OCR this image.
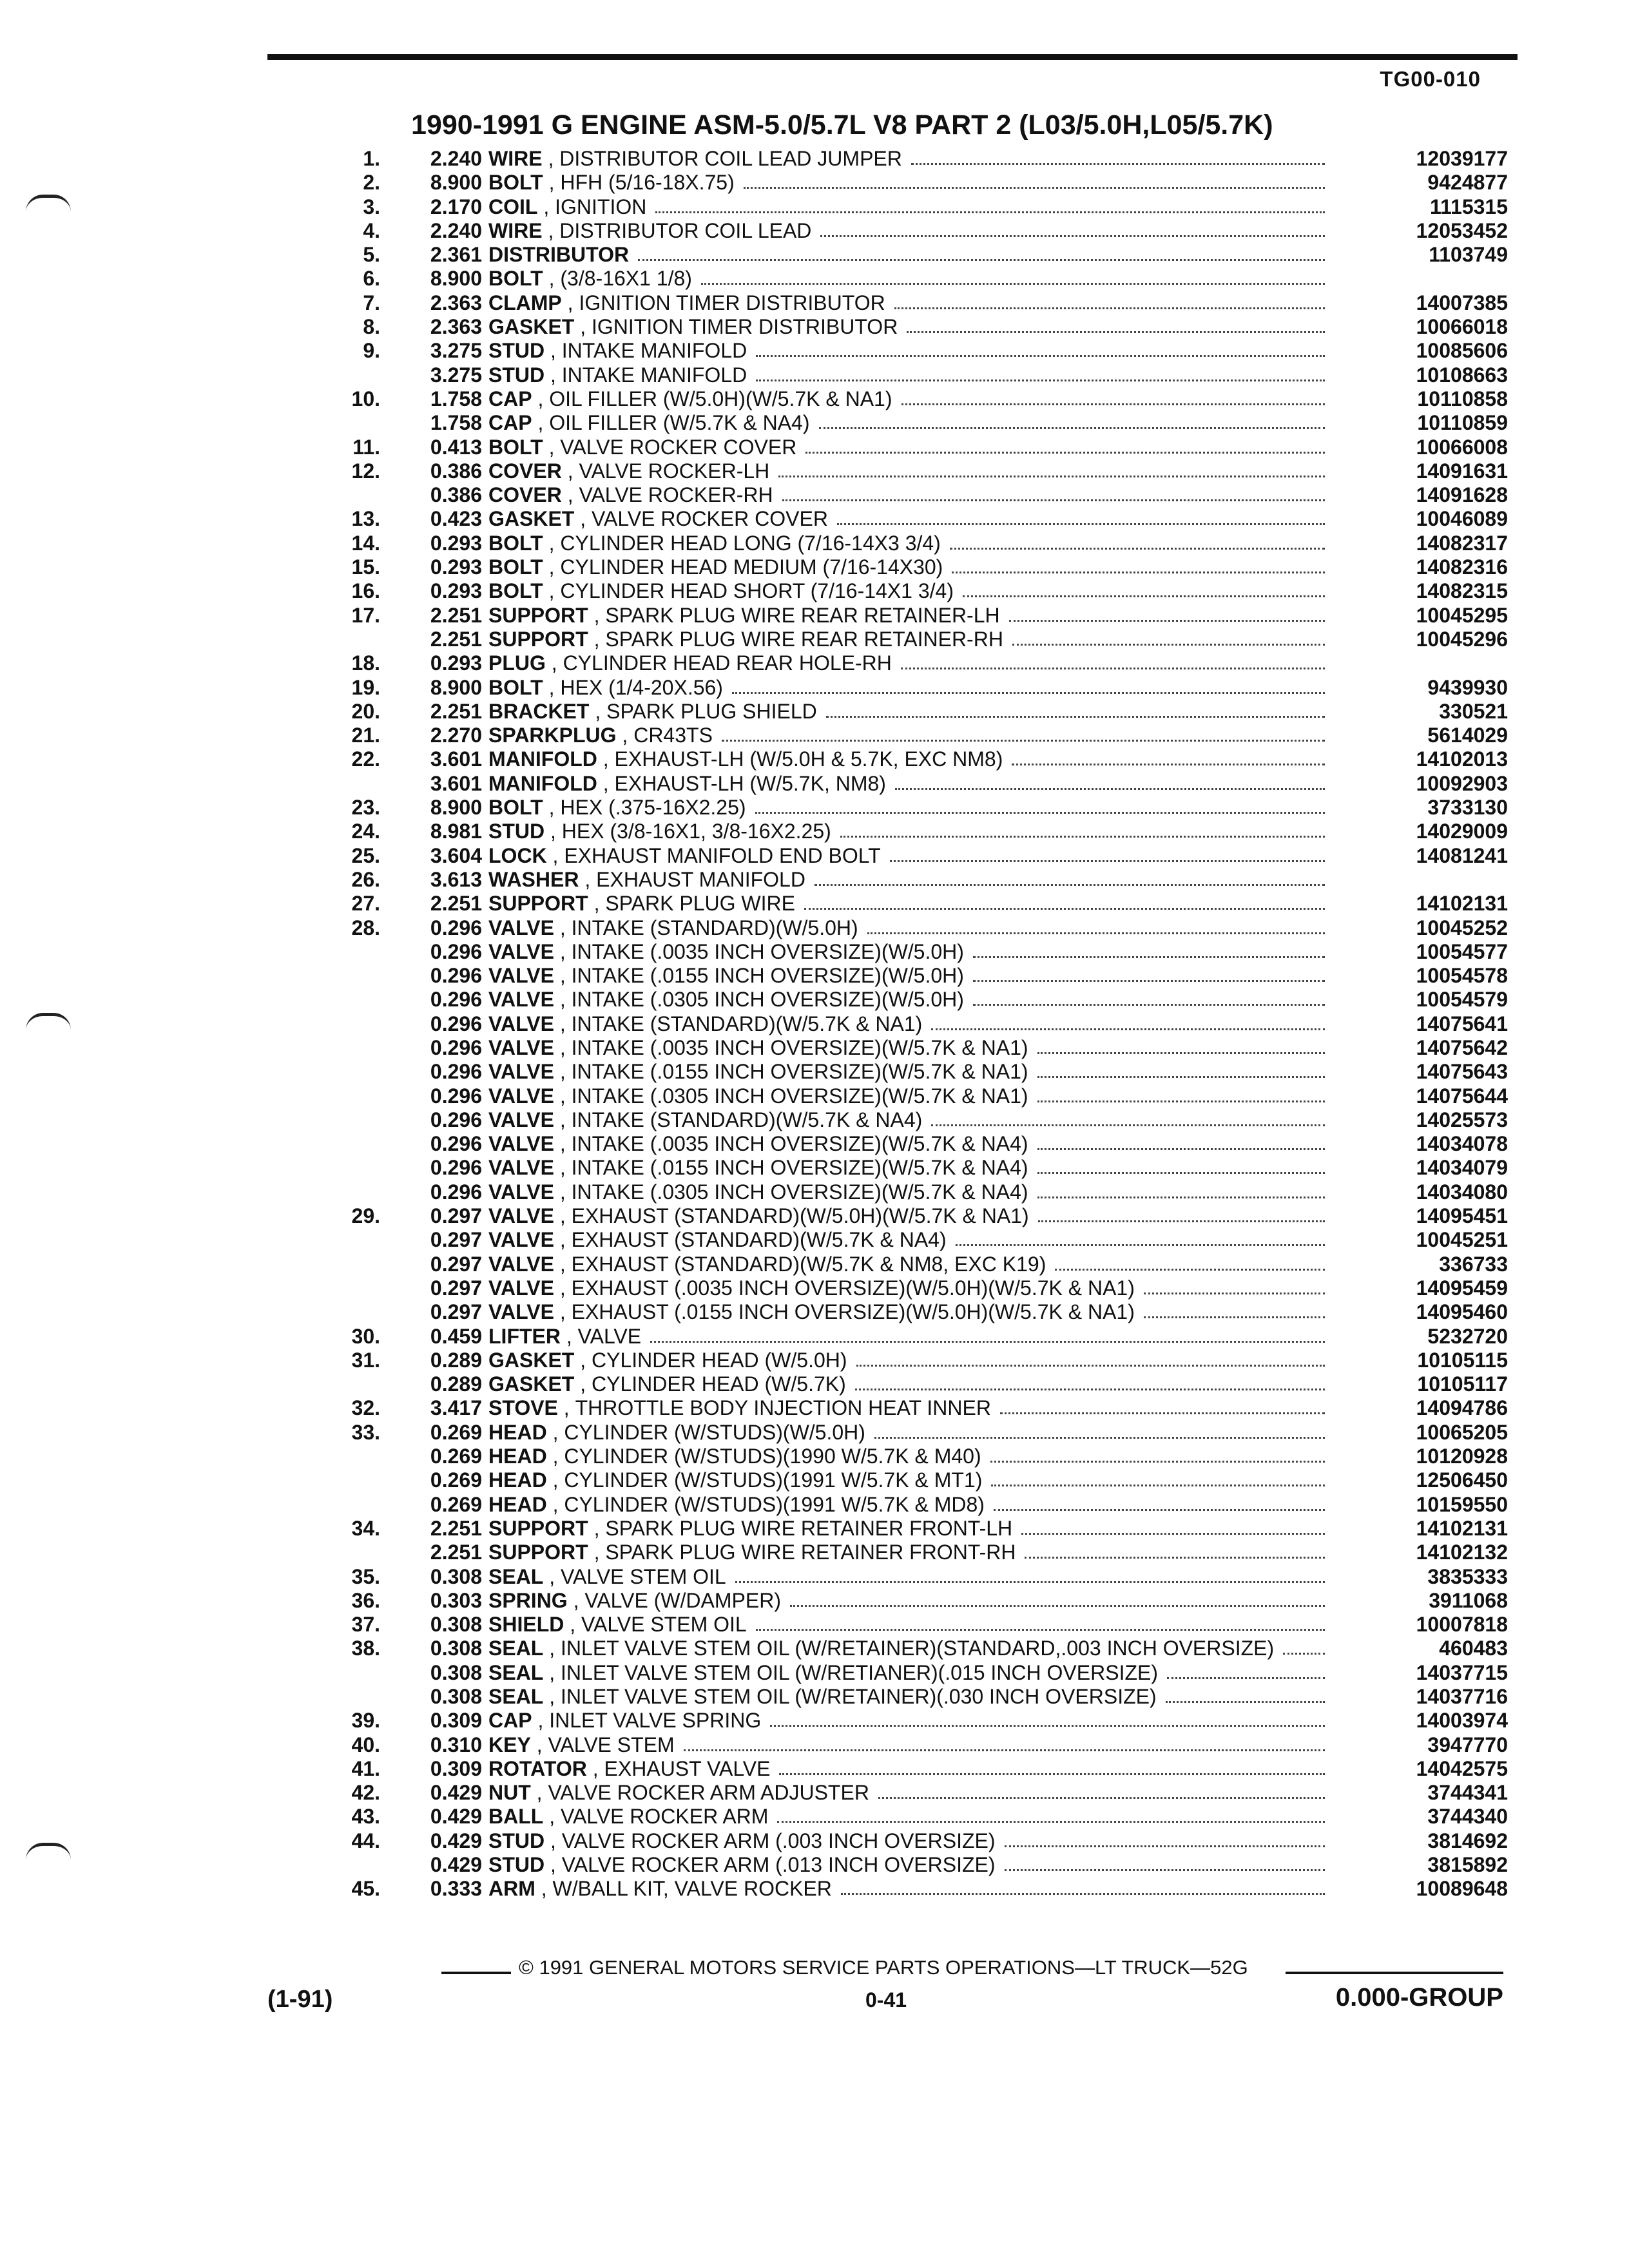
TG00-010
1990-1991 G ENGINE ASM-5.0/5.7L V8 PART 2 (L03/5.0H,L05/5.7K)
1.	2.240 WIRE , DISTRIBUTOR COIL LEAD JUMPER	12039177
2.	8.900 BOLT , HFH (5/16-18X.75)	9424877
3.	2.170 COIL , IGNITION	1115315
4.	2.240 WIRE , DISTRIBUTOR COIL LEAD	12053452
5.	2.361 DISTRIBUTOR	1103749
6.	8.900 BOLT , (3/8-16X1 1/8)
7.	2.363 CLAMP , IGNITION TIMER DISTRIBUTOR	14007385
8.	2.363 GASKET , IGNITION TIMER DISTRIBUTOR	10066018
9.	3.275 STUD , INTAKE MANIFOLD	10085606
3.275 STUD , INTAKE MANIFOLD	10108663
10.	1.758 CAP , OIL FILLER (W/5.0H)(W/5.7K & NA1)	10110858
1.758 CAP , OIL FILLER (W/5.7K & NA4)	10110859
11.	0.413 BOLT , VALVE ROCKER COVER	10066008
12.	0.386 COVER , VALVE ROCKER-LH	14091631
0.386 COVER , VALVE ROCKER-RH	14091628
13.	0.423 GASKET , VALVE ROCKER COVER	10046089
14.	0.293 BOLT , CYLINDER HEAD LONG (7/16-14X3 3/4)	14082317
15.	0.293 BOLT , CYLINDER HEAD MEDIUM (7/16-14X30)	14082316
16.	0.293 BOLT , CYLINDER HEAD SHORT (7/16-14X1 3/4)	14082315
17.	2.251 SUPPORT , SPARK PLUG WIRE REAR RETAINER-LH	10045295
2.251 SUPPORT , SPARK PLUG WIRE REAR RETAINER-RH	10045296
18.	0.293 PLUG , CYLINDER HEAD REAR HOLE-RH
19.	8.900 BOLT , HEX (1/4-20X.56)	9439930
20.	2.251 BRACKET , SPARK PLUG SHIELD	330521
21.	2.270 SPARKPLUG , CR43TS	5614029
22.	3.601 MANIFOLD , EXHAUST-LH (W/5.0H & 5.7K, EXC NM8)	14102013
3.601 MANIFOLD , EXHAUST-LH (W/5.7K, NM8)	10092903
23.	8.900 BOLT , HEX (.375-16X2.25)	3733130
24.	8.981 STUD , HEX (3/8-16X1, 3/8-16X2.25)	14029009
25.	3.604 LOCK , EXHAUST MANIFOLD END BOLT	14081241
26.	3.613 WASHER , EXHAUST MANIFOLD
27.	2.251 SUPPORT , SPARK PLUG WIRE	14102131
28.	0.296 VALVE , INTAKE (STANDARD)(W/5.0H)	10045252
0.296 VALVE , INTAKE (.0035 INCH OVERSIZE)(W/5.0H)	10054577
0.296 VALVE , INTAKE (.0155 INCH OVERSIZE)(W/5.0H)	10054578
0.296 VALVE , INTAKE (.0305 INCH OVERSIZE)(W/5.0H)	10054579
0.296 VALVE , INTAKE (STANDARD)(W/5.7K & NA1)	14075641
0.296 VALVE , INTAKE (.0035 INCH OVERSIZE)(W/5.7K & NA1)	14075642
0.296 VALVE , INTAKE (.0155 INCH OVERSIZE)(W/5.7K & NA1)	14075643
0.296 VALVE , INTAKE (.0305 INCH OVERSIZE)(W/5.7K & NA1)	14075644
0.296 VALVE , INTAKE (STANDARD)(W/5.7K & NA4)	14025573
0.296 VALVE , INTAKE (.0035 INCH OVERSIZE)(W/5.7K & NA4)	14034078
0.296 VALVE , INTAKE (.0155 INCH OVERSIZE)(W/5.7K & NA4)	14034079
0.296 VALVE , INTAKE (.0305 INCH OVERSIZE)(W/5.7K & NA4)	14034080
29.	0.297 VALVE , EXHAUST (STANDARD)(W/5.0H)(W/5.7K & NA1)	14095451
0.297 VALVE , EXHAUST (STANDARD)(W/5.7K & NA4)	10045251
0.297 VALVE , EXHAUST (STANDARD)(W/5.7K & NM8, EXC K19)	336733
0.297 VALVE , EXHAUST (.0035 INCH OVERSIZE)(W/5.0H)(W/5.7K & NA1)	14095459
0.297 VALVE , EXHAUST (.0155 INCH OVERSIZE)(W/5.0H)(W/5.7K & NA1)	14095460
30.	0.459 LIFTER , VALVE	5232720
31.	0.289 GASKET , CYLINDER HEAD (W/5.0H)	10105115
0.289 GASKET , CYLINDER HEAD (W/5.7K)	10105117
32.	3.417 STOVE , THROTTLE BODY INJECTION HEAT INNER	14094786
33.	0.269 HEAD , CYLINDER (W/STUDS)(W/5.0H)	10065205
0.269 HEAD , CYLINDER (W/STUDS)(1990 W/5.7K & M40)	10120928
0.269 HEAD , CYLINDER (W/STUDS)(1991 W/5.7K & MT1)	12506450
0.269 HEAD , CYLINDER (W/STUDS)(1991 W/5.7K & MD8)	10159550
34.	2.251 SUPPORT , SPARK PLUG WIRE RETAINER FRONT-LH	14102131
2.251 SUPPORT , SPARK PLUG WIRE RETAINER FRONT-RH	14102132
35.	0.308 SEAL , VALVE STEM OIL	3835333
36.	0.303 SPRING , VALVE (W/DAMPER)	3911068
37.	0.308 SHIELD , VALVE STEM OIL	10007818
38.	0.308 SEAL , INLET VALVE STEM OIL (W/RETAINER)(STANDARD,.003 INCH OVERSIZE)	460483
0.308 SEAL , INLET VALVE STEM OIL (W/RETIANER)(.015 INCH OVERSIZE)	14037715
0.308 SEAL , INLET VALVE STEM OIL (W/RETAINER)(.030 INCH OVERSIZE)	14037716
39.	0.309 CAP , INLET VALVE SPRING	14003974
40.	0.310 KEY , VALVE STEM	3947770
41.	0.309 ROTATOR , EXHAUST VALVE	14042575
42.	0.429 NUT , VALVE ROCKER ARM ADJUSTER	3744341
43.	0.429 BALL , VALVE ROCKER ARM	3744340
44.	0.429 STUD , VALVE ROCKER ARM (.003 INCH OVERSIZE)	3814692
0.429 STUD , VALVE ROCKER ARM (.013 INCH OVERSIZE)	3815892
45.	0.333 ARM , W/BALL KIT, VALVE ROCKER	10089648
© 1991 GENERAL MOTORS SERVICE PARTS OPERATIONS—LT TRUCK—52G
(1-91)	0-41	0.000-GROUP
